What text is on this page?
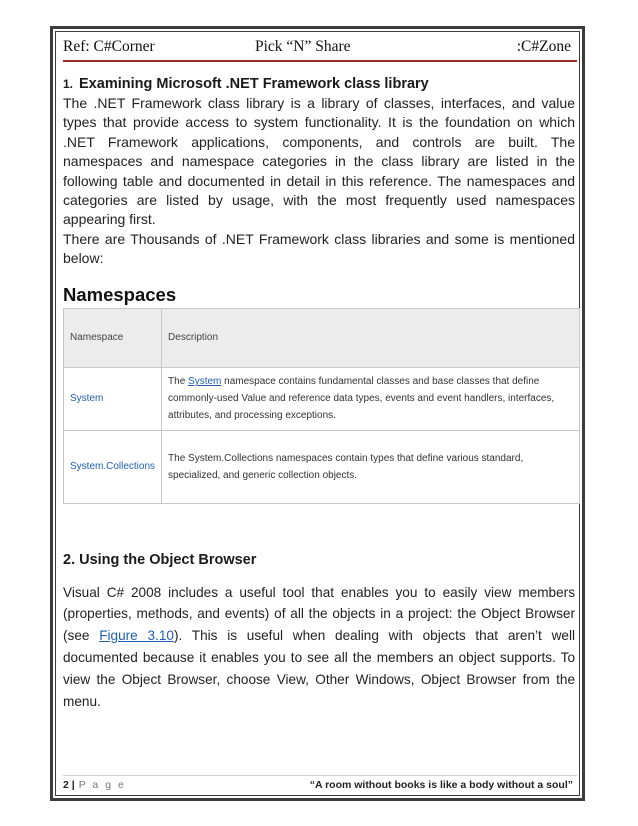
Ref: C#Corner	Pick “N” Share	:C#Zone
1. Examining Microsoft .NET Framework class library

The .NET Framework class library is a library of classes, interfaces, and value types that provide access to system functionality. It is the foundation on which .NET Framework applications, components, and controls are built. The namespaces and namespace categories in the class library are listed in the following table and documented in detail in this reference. The namespaces and categories are listed by usage, with the most frequently used namespaces appearing first.

There are Thousands of .NET Framework class libraries and some is mentioned below:

Namespaces
Namespace	Description
System	The System namespace contains fundamental classes and base classes that define commonly-used Value and reference data types, events and event handlers, interfaces, attributes, and processing exceptions.
System.Collections	The System.Collections namespaces contain types that define various standard, specialized, and generic collection objects.

2. Using the Object Browser

Visual C# 2008 includes a useful tool that enables you to easily view members (properties, methods, and events) of all the objects in a project: the Object Browser (see Figure 3.10). This is useful when dealing with objects that aren’t well documented because it enables you to see all the members an object supports. To view the Object Browser, choose View, Other Windows, Object Browser from the menu.

2 | P a g e	“A room without books is like a body without a soul”
